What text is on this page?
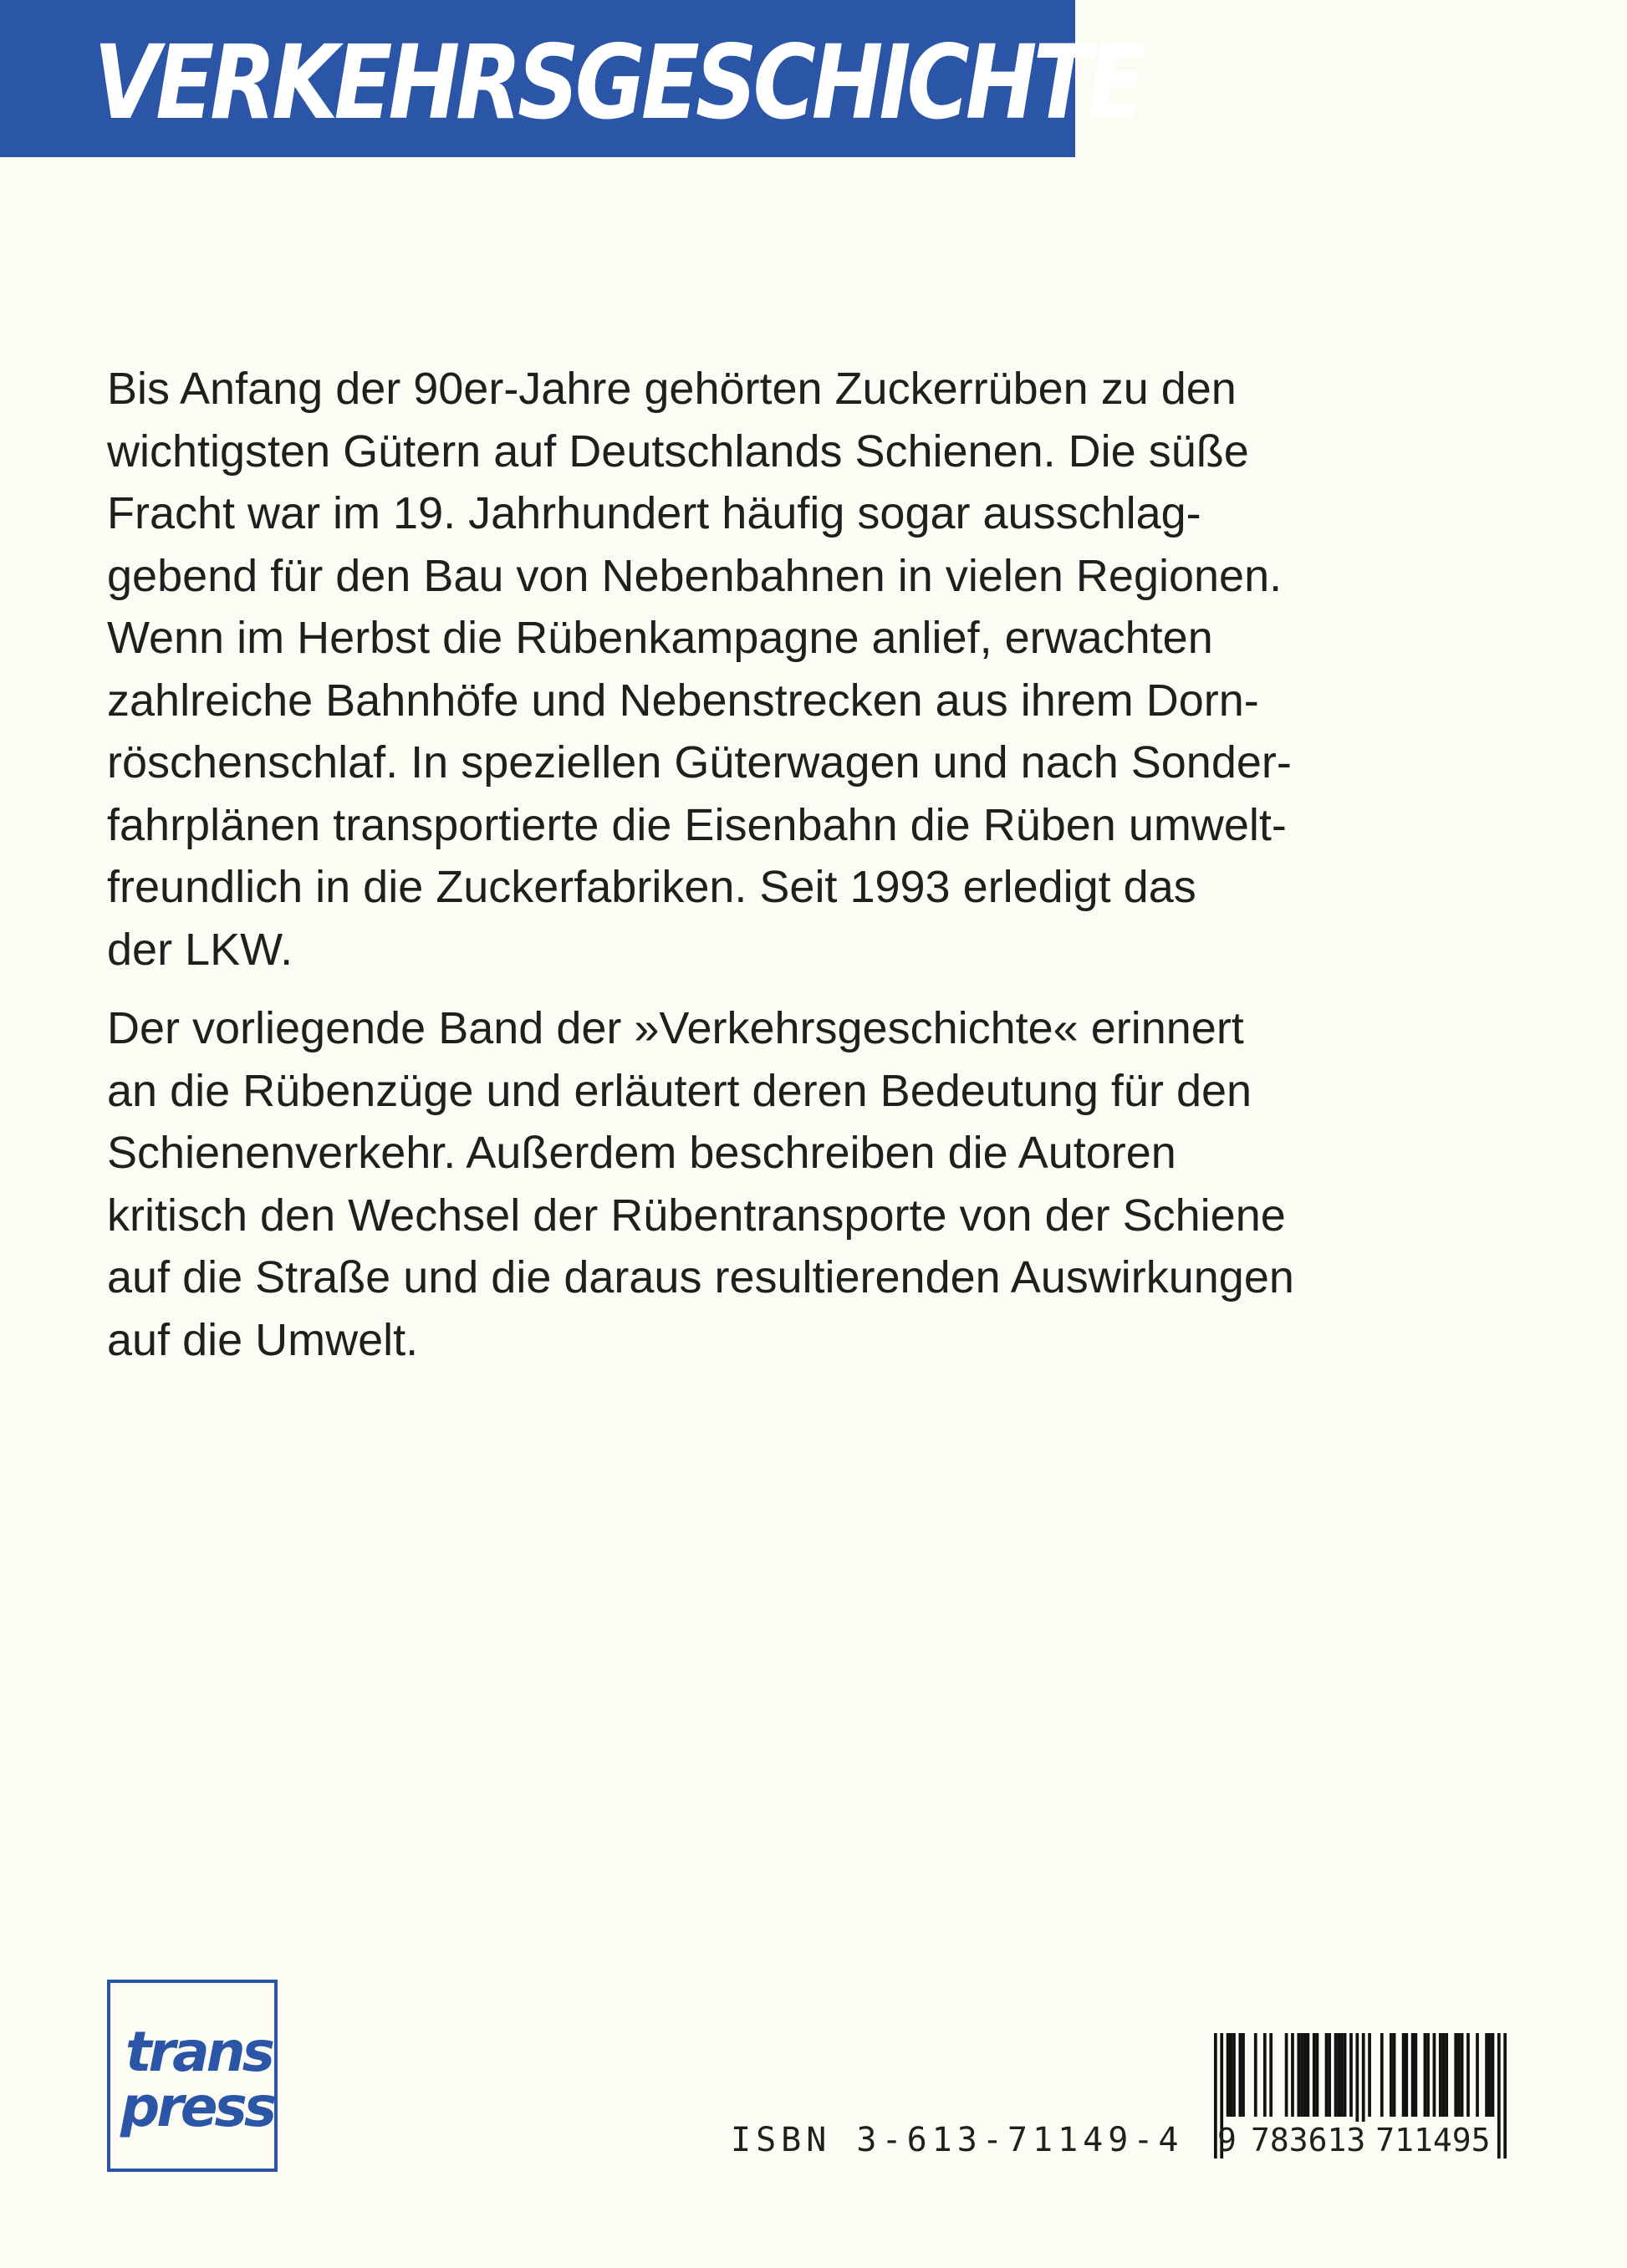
VERKEHRSGESCHICHTE
Bis Anfang der 90er-Jahre gehörten Zuckerrüben zu den
wichtigsten Gütern auf Deutschlands Schienen. Die süße
Fracht war im 19. Jahrhundert häufig sogar ausschlag-
gebend für den Bau von Nebenbahnen in vielen Regionen.
Wenn im Herbst die Rübenkampagne anlief, erwachten
zahlreiche Bahnhöfe und Nebenstrecken aus ihrem Dorn-
röschenschlaf. In speziellen Güterwagen und nach Sonder-
fahrplänen transportierte die Eisenbahn die Rüben umwelt-
freundlich in die Zuckerfabriken. Seit 1993 erledigt das
der LKW.
Der vorliegende Band der »Verkehrsgeschichte« erinnert
an die Rübenzüge und erläutert deren Bedeutung für den
Schienenverkehr. Außerdem beschreiben die Autoren
kritisch den Wechsel der Rübentransporte von der Schiene
auf die Straße und die daraus resultierenden Auswirkungen
auf die Umwelt.
trans
press
ISBN 3-613-71149-4 9 783613 711495
